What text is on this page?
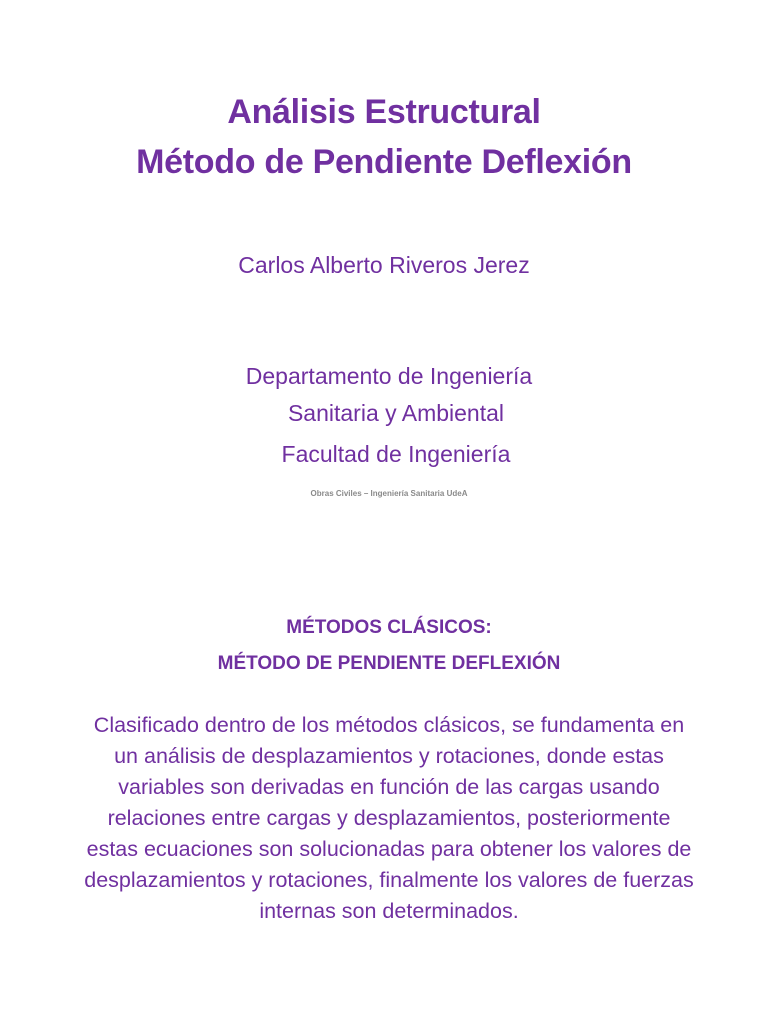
Análisis Estructural
Método de Pendiente Deflexión
Carlos Alberto Riveros Jerez
Departamento de Ingeniería
Sanitaria y Ambiental
Facultad de Ingeniería
Obras Civiles – Ingeniería Sanitaria UdeA
MÉTODOS CLÁSICOS:
MÉTODO DE PENDIENTE DEFLEXIÓN

Clasificado dentro de los métodos clásicos, se fundamenta en un análisis de desplazamientos y rotaciones, donde estas variables son derivadas en función de las cargas usando relaciones entre cargas y desplazamientos, posteriormente estas ecuaciones son solucionadas para obtener los valores de desplazamientos y rotaciones, finalmente los valores de fuerzas internas son determinados.
